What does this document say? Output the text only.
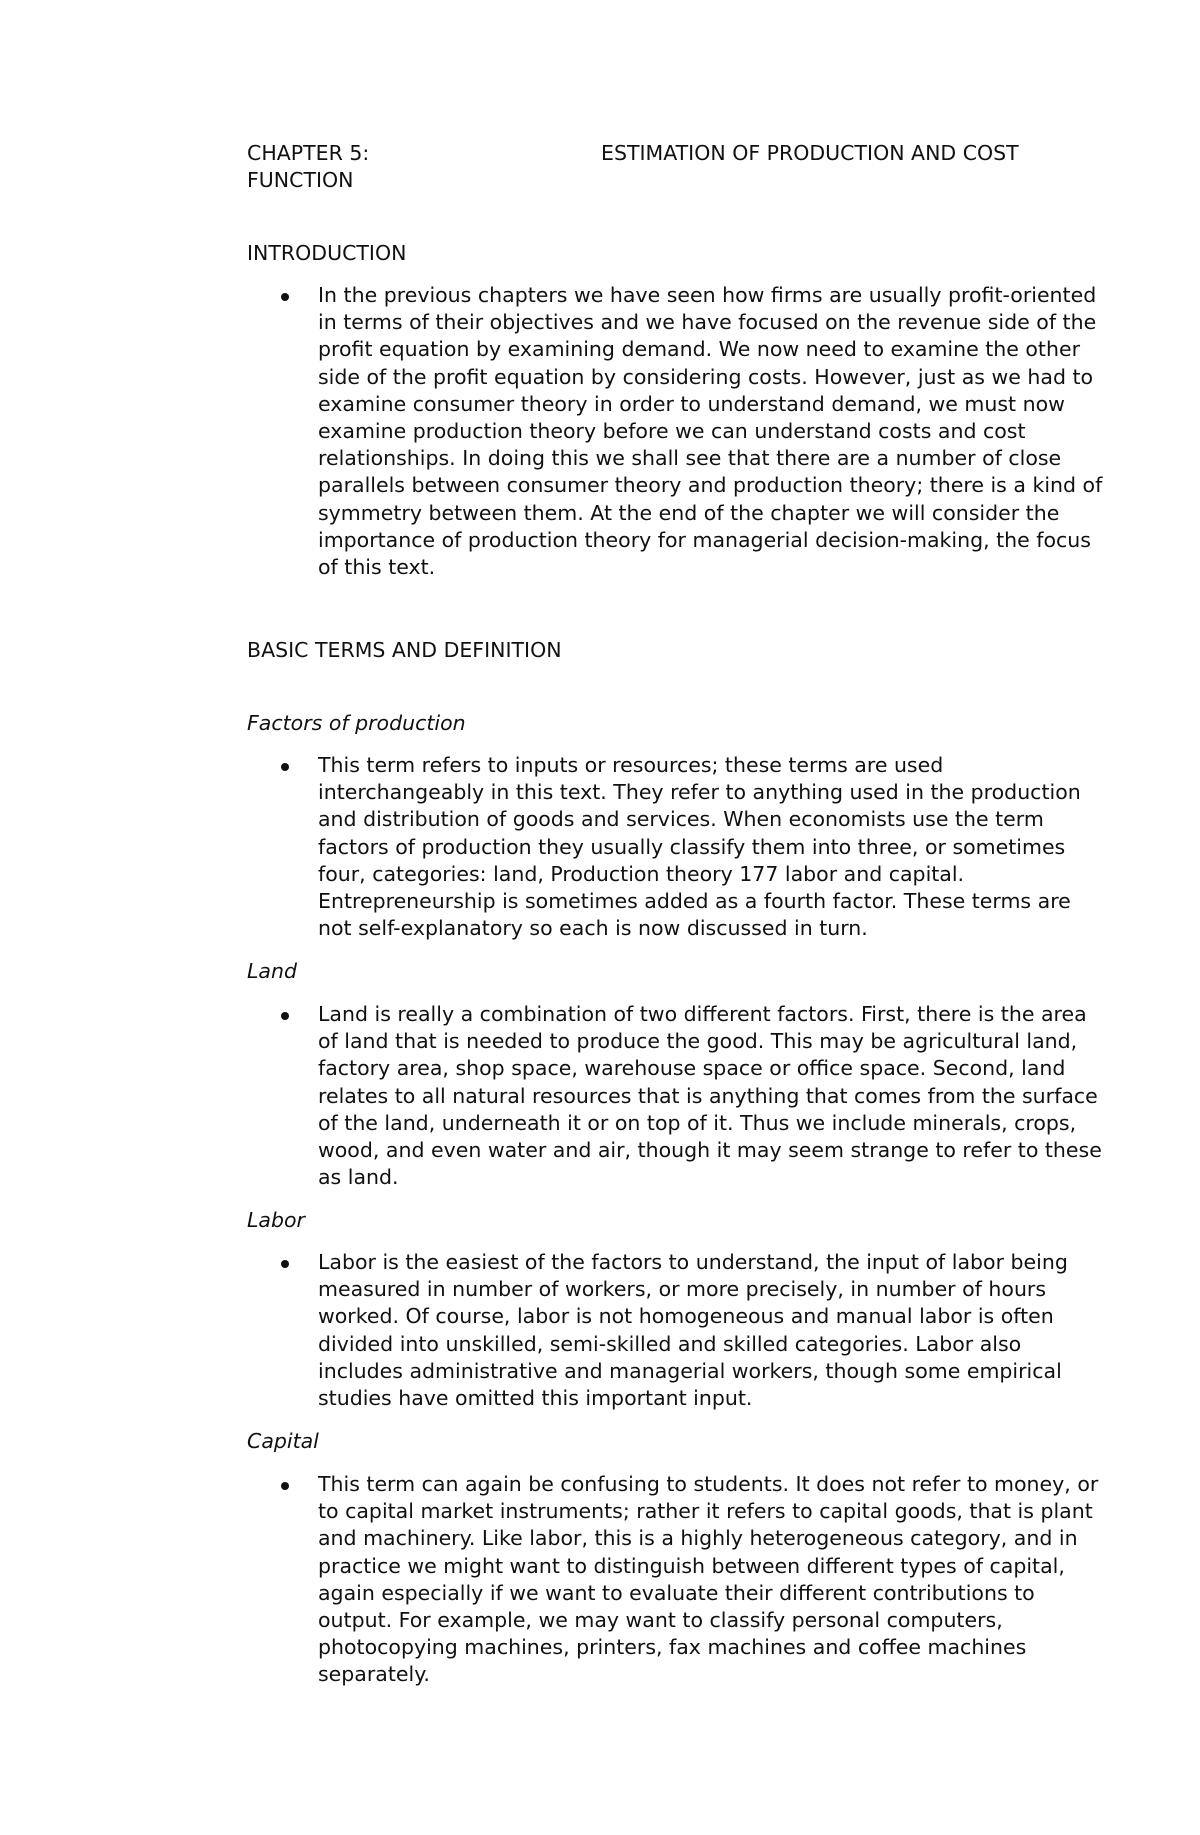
CHAPTER 5:	ESTIMATION OF PRODUCTION AND COST
FUNCTION
INTRODUCTION
In the previous chapters we have seen how firms are usually profit-oriented
in terms of their objectives and we have focused on the revenue side of the
profit equation by examining demand. We now need to examine the other
side of the profit equation by considering costs. However, just as we had to
examine consumer theory in order to understand demand, we must now
examine production theory before we can understand costs and cost
relationships. In doing this we shall see that there are a number of close
parallels between consumer theory and production theory; there is a kind of
symmetry between them. At the end of the chapter we will consider the
importance of production theory for managerial decision-making, the focus
of this text.
BASIC TERMS AND DEFINITION
Factors of production
This term refers to inputs or resources; these terms are used
interchangeably in this text. They refer to anything used in the production
and distribution of goods and services. When economists use the term
factors of production they usually classify them into three, or sometimes
four, categories: land, Production theory 177 labor and capital.
Entrepreneurship is sometimes added as a fourth factor. These terms are
not self-explanatory so each is now discussed in turn.
Land
Land is really a combination of two different factors. First, there is the area
of land that is needed to produce the good. This may be agricultural land,
factory area, shop space, warehouse space or office space. Second, land
relates to all natural resources that is anything that comes from the surface
of the land, underneath it or on top of it. Thus we include minerals, crops,
wood, and even water and air, though it may seem strange to refer to these
as land.
Labor
Labor is the easiest of the factors to understand, the input of labor being
measured in number of workers, or more precisely, in number of hours
worked. Of course, labor is not homogeneous and manual labor is often
divided into unskilled, semi-skilled and skilled categories. Labor also
includes administrative and managerial workers, though some empirical
studies have omitted this important input.
Capital
This term can again be confusing to students. It does not refer to money, or
to capital market instruments; rather it refers to capital goods, that is plant
and machinery. Like labor, this is a highly heterogeneous category, and in
practice we might want to distinguish between different types of capital,
again especially if we want to evaluate their different contributions to
output. For example, we may want to classify personal computers,
photocopying machines, printers, fax machines and coffee machines
separately.
